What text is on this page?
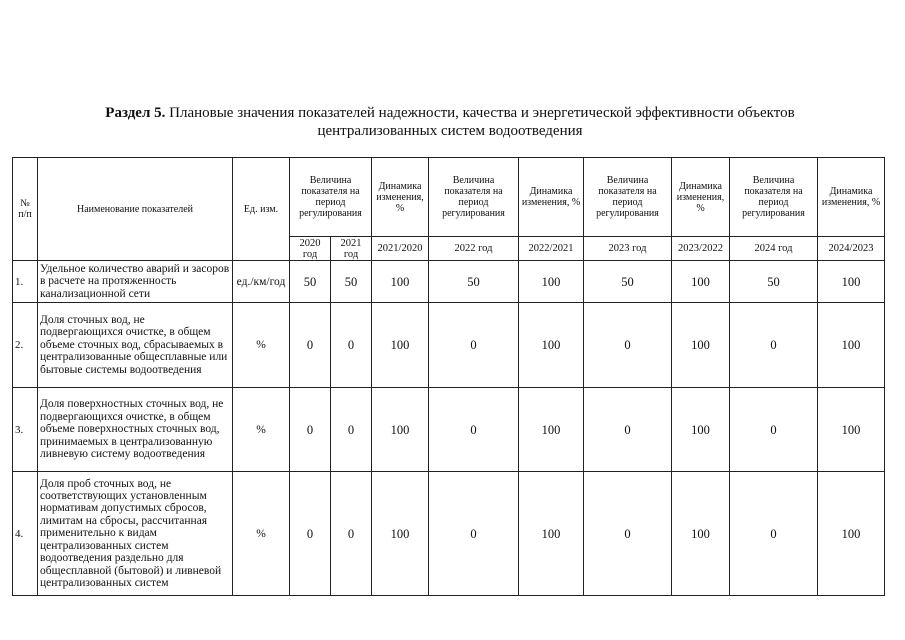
Раздел 5. Плановые значения показателей надежности, качества и энергетической эффективности объектов
централизованных систем водоотведения
№ п/п	Наименование показателей	Ед. изм.	Величина показателя на период регулирования		Динамика изменения, %	Величина показателя на период регулирования	Динамика изменения, %	Величина показателя на период регулирования	Динамика изменения, %	Величина показателя на период регулирования	Динамика изменения, %
			2020 год	2021 год	2021/2020	2022 год	2022/2021	2023 год	2023/2022	2024 год	2024/2023
1.	Удельное количество аварий и засоров в расчете на протяженность канализационной сети	ед./км/год	50	50	100	50	100	50	100	50	100
2.	Доля сточных вод, не подвергающихся очистке, в общем объеме сточных вод, сбрасываемых в централизованные общесплавные или бытовые системы водоотведения	%	0	0	100	0	100	0	100	0	100
3.	Доля поверхностных сточных вод, не подвергающихся очистке, в общем объеме поверхностных сточных вод, принимаемых в централизованную ливневую систему водоотведения	%	0	0	100	0	100	0	100	0	100
4.	Доля проб сточных вод, не соответствующих установленным нормативам допустимых сбросов, лимитам на сбросы, рассчитанная применительно к видам централизованных систем водоотведения раздельно для общесплавной (бытовой) и ливневой централизованных систем	%	0	0	100	0	100	0	100	0	100
